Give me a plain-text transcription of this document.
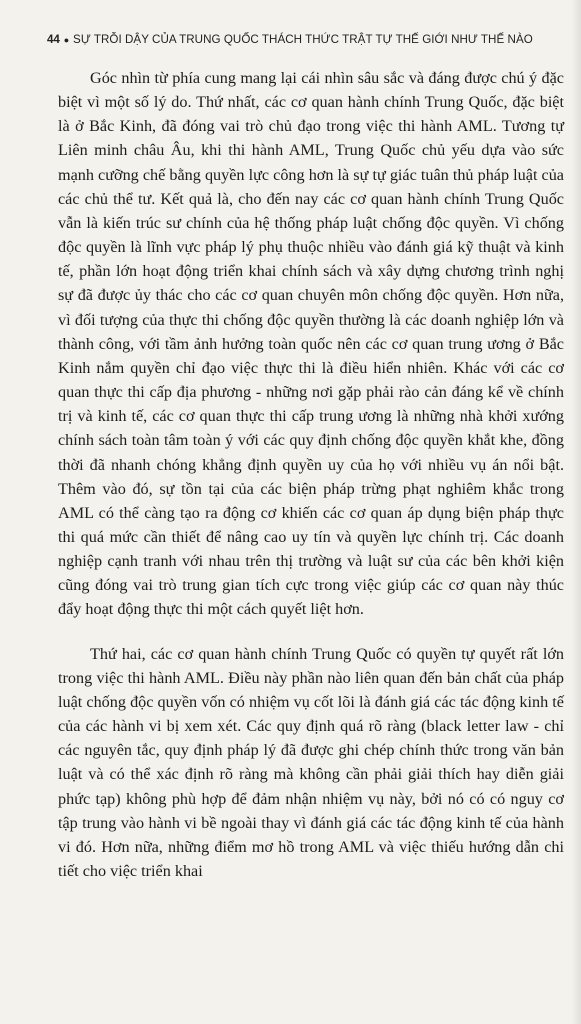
44 ● SỰ TRỖI DẬY CỦA TRUNG QUỐC THÁCH THỨC TRẬT TỰ THẾ GIỚI NHƯ THẾ NÀO

Góc nhìn từ phía cung mang lại cái nhìn sâu sắc và đáng được chú ý đặc biệt vì một số lý do. Thứ nhất, các cơ quan hành chính Trung Quốc, đặc biệt là ở Bắc Kinh, đã đóng vai trò chủ đạo trong việc thi hành AML. Tương tự Liên minh châu Âu, khi thi hành AML, Trung Quốc chủ yếu dựa vào sức mạnh cưỡng chế bằng quyền lực công hơn là sự tự giác tuân thủ pháp luật của các chủ thể tư. Kết quả là, cho đến nay các cơ quan hành chính Trung Quốc vẫn là kiến trúc sư chính của hệ thống pháp luật chống độc quyền. Vì chống độc quyền là lĩnh vực pháp lý phụ thuộc nhiều vào đánh giá kỹ thuật và kinh tế, phần lớn hoạt động triển khai chính sách và xây dựng chương trình nghị sự đã được ủy thác cho các cơ quan chuyên môn chống độc quyền. Hơn nữa, vì đối tượng của thực thi chống độc quyền thường là các doanh nghiệp lớn và thành công, với tầm ảnh hưởng toàn quốc nên các cơ quan trung ương ở Bắc Kinh nắm quyền chỉ đạo việc thực thi là điều hiển nhiên. Khác với các cơ quan thực thi cấp địa phương - những nơi gặp phải rào cản đáng kể về chính trị và kinh tế, các cơ quan thực thi cấp trung ương là những nhà khởi xướng chính sách toàn tâm toàn ý với các quy định chống độc quyền khắt khe, đồng thời đã nhanh chóng khẳng định quyền uy của họ với nhiều vụ án nổi bật. Thêm vào đó, sự tồn tại của các biện pháp trừng phạt nghiêm khắc trong AML có thể càng tạo ra động cơ khiến các cơ quan áp dụng biện pháp thực thi quá mức cần thiết để nâng cao uy tín và quyền lực chính trị. Các doanh nghiệp cạnh tranh với nhau trên thị trường và luật sư của các bên khởi kiện cũng đóng vai trò trung gian tích cực trong việc giúp các cơ quan này thúc đẩy hoạt động thực thi một cách quyết liệt hơn.

Thứ hai, các cơ quan hành chính Trung Quốc có quyền tự quyết rất lớn trong việc thi hành AML. Điều này phần nào liên quan đến bản chất của pháp luật chống độc quyền vốn có nhiệm vụ cốt lõi là đánh giá các tác động kinh tế của các hành vi bị xem xét. Các quy định quá rõ ràng (black letter law - chỉ các nguyên tắc, quy định pháp lý đã được ghi chép chính thức trong văn bản luật và có thể xác định rõ ràng mà không cần phải giải thích hay diễn giải phức tạp) không phù hợp để đảm nhận nhiệm vụ này, bởi nó có có nguy cơ tập trung vào hành vi bề ngoài thay vì đánh giá các tác động kinh tế của hành vi đó. Hơn nữa, những điểm mơ hồ trong AML và việc thiếu hướng dẫn chi tiết cho việc triển khai
